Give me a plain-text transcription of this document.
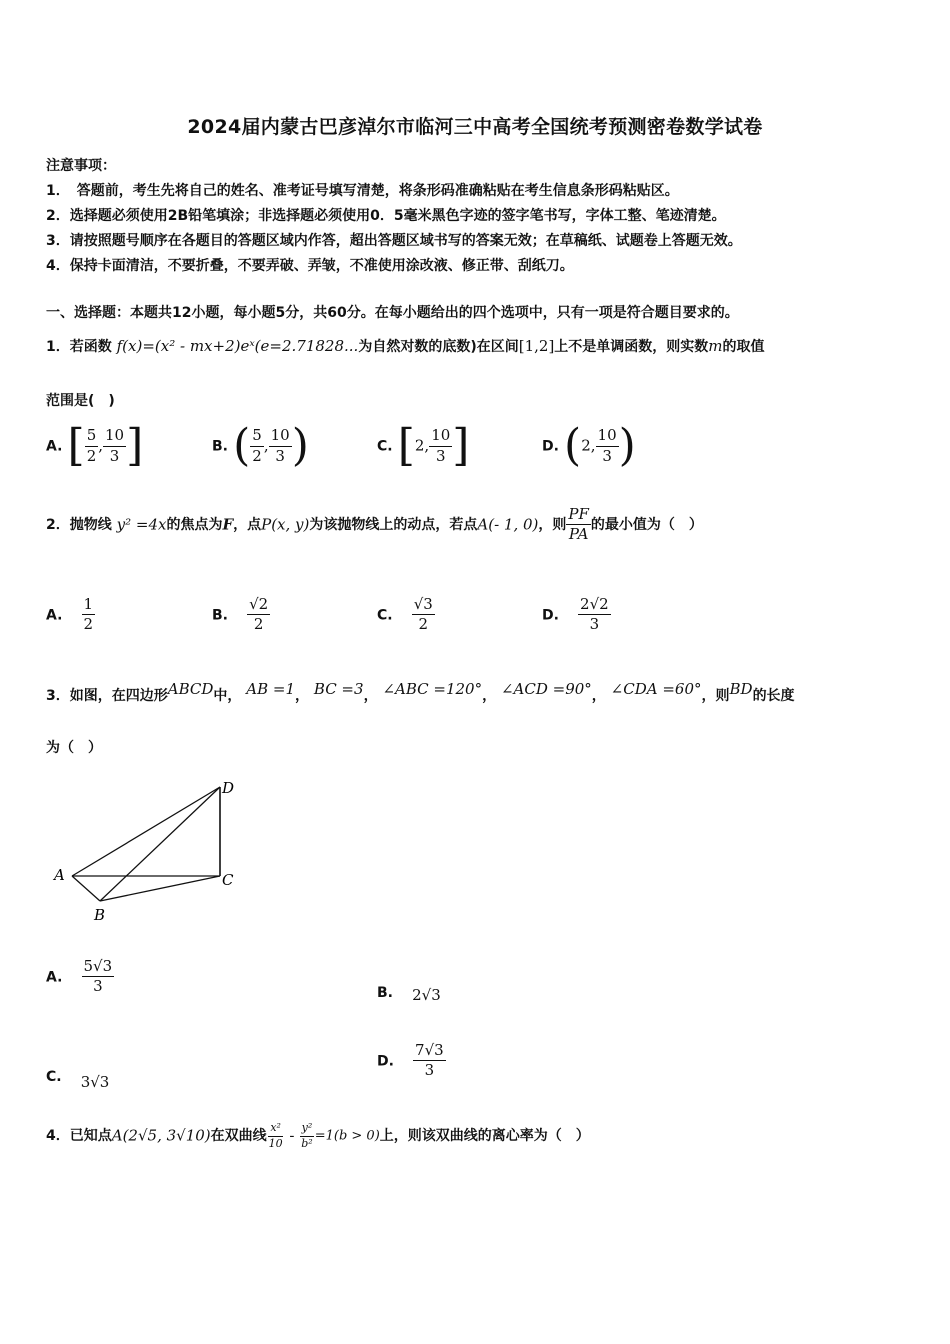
2024届内蒙古巴彦淖尔市临河三中高考全国统考预测密卷数学试卷
注意事项：
1．　答题前，考生先将自己的姓名、准考证号填写清楚，将条形码准确粘贴在考生信息条形码粘贴区。
2．选择题必须使用2B铅笔填涂；非选择题必须使用0．5毫米黑色字迹的签字笔书写，字体工整、笔迹清楚。
3．请按照题号顺序在各题目的答题区域内作答，超出答题区域书写的答案无效；在草稿纸、试题卷上答题无效。
4．保持卡面清洁，不要折叠，不要弄破、弄皱，不准使用涂改液、修正带、刮纸刀。
一、选择题：本题共12小题，每小题5分，共60分。在每小题给出的四个选项中，只有一项是符合题目要求的。
1．若函数 f(x)=(x² - mx+2)eˣ(e=2.71828...为自然对数的底数)在区间[1,2]上不是单调函数，则实数m的取值
范围是(　)
A. [ $\frac{5}{2}$ , $\frac{10}{3}$ ]	B. ( $\frac{5}{2}$ , $\frac{10}{3}$ )	C. [2, $\frac{10}{3}$ ]	D. (2, $\frac{10}{3}$ )
2．抛物线 y² =4x的焦点为F，点P(x, y)为该抛物线上的动点，若点A(- 1, 0)，则 $\frac{PF}{PA}$ 的最小值为（　）
A. $\frac{1}{2}$	B. $\frac{√2}{2}$	C. $\frac{√3}{2}$	D. $\frac{2√2}{3}$
3．如图，在四边形ABCD中， AB =1， BC =3， ∠ABC =120°， ∠ACD =90°， ∠CDA =60°，则BD的长度
为（　）
A
B
C
D
A. $\frac{5√3}{3}$	B. 2√3
C. 3√3
D. $\frac{7√3}{3}$
4．已知点A(2√5, 3√10)在双曲线 $\frac{\text{x²}}{10} - \frac{\text{y²}}{\text{b²}} =1(b > 0)$上，则该双曲线的离心率为（　）
